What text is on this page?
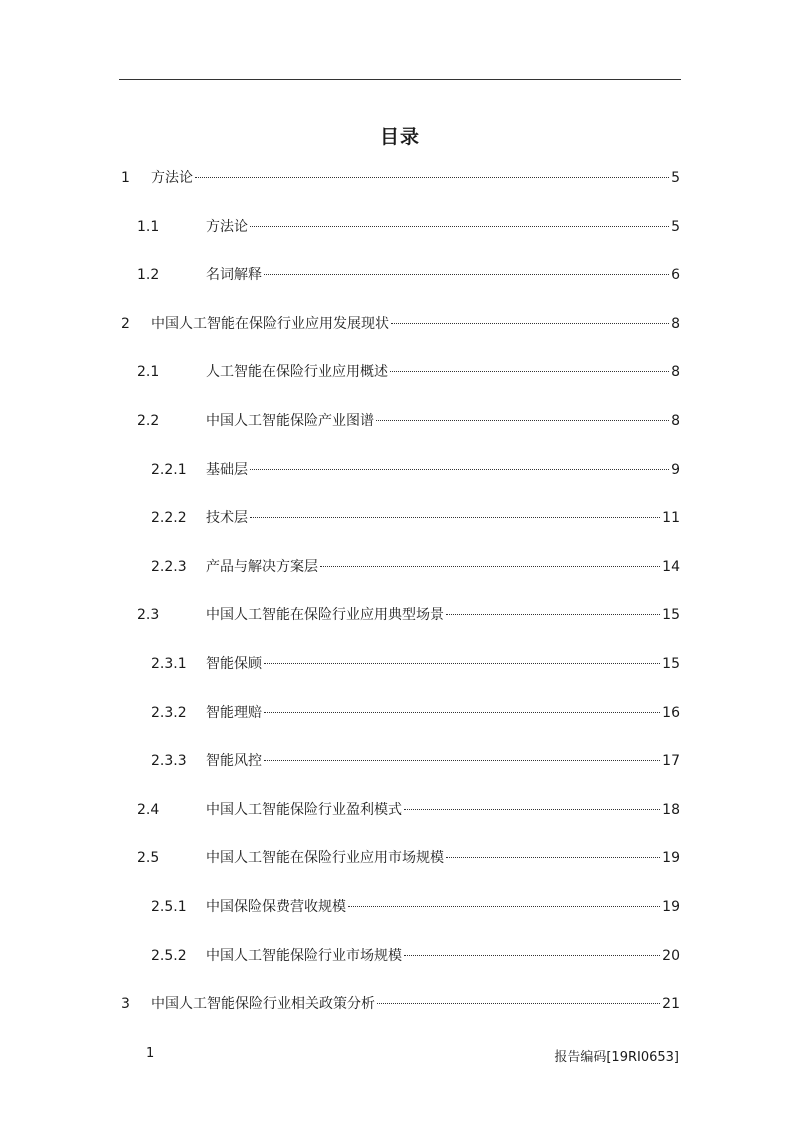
目录
1	方法论	5
1.1	方法论	5
1.2	名词解释	6
2	中国人工智能在保险行业应用发展现状	8
2.1	人工智能在保险行业应用概述	8
2.2	中国人工智能保险产业图谱	8
2.2.1	基础层	9
2.2.2	技术层	11
2.2.3	产品与解决方案层	14
2.3	中国人工智能在保险行业应用典型场景	15
2.3.1	智能保顾	15
2.3.2	智能理赔	16
2.3.3	智能风控	17
2.4	中国人工智能保险行业盈利模式	18
2.5	中国人工智能在保险行业应用市场规模	19
2.5.1	中国保险保费营收规模	19
2.5.2	中国人工智能保险行业市场规模	20
3	中国人工智能保险行业相关政策分析	21
1	报告编码[19RI0653]
